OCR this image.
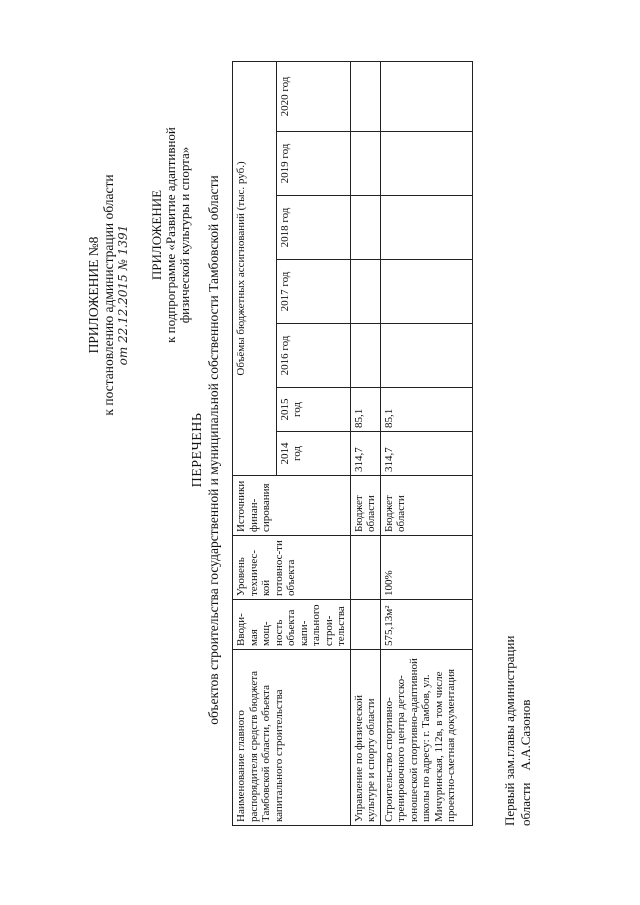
ПРИЛОЖЕНИЕ №8 к постановлению администрации области от 22.12.2015 № 1391 ПРИЛОЖЕНИЕ к подпрограмме «Развитие адаптивной физической культуры и спорта»
ПЕРЕЧЕНЬ объектов строительства государственной и муниципальной собственности Тамбовской области
Наименование главного распорядителя средств бюджета Тамбовской области, объекта капитального строительства	Вводи-мая мощ-ность объекта капи-тального строи-тельства	Уровень техничес-кой готовнос-ти объекта	Источники финан-сирования	Объёмы бюджетных ассигнований (тыс. руб.)						
				2014 год	2015 год	2016 год	2017 год	2018 год	2019 год	2020 год
Управление по физической культуре и спорту области			Бюджет области	314,7	85,1					
Строительство спортивно-тренировочного центра детско-юношеской спортивно-адаптивной школы по адресу: г. Тамбов, ул. Мичуринская, 112в, в том числе проектно-сметная документация	575,13м²	100%	Бюджет области	314,7	85,1					
Первый зам.главы администрации областиА.А.Сазонов
